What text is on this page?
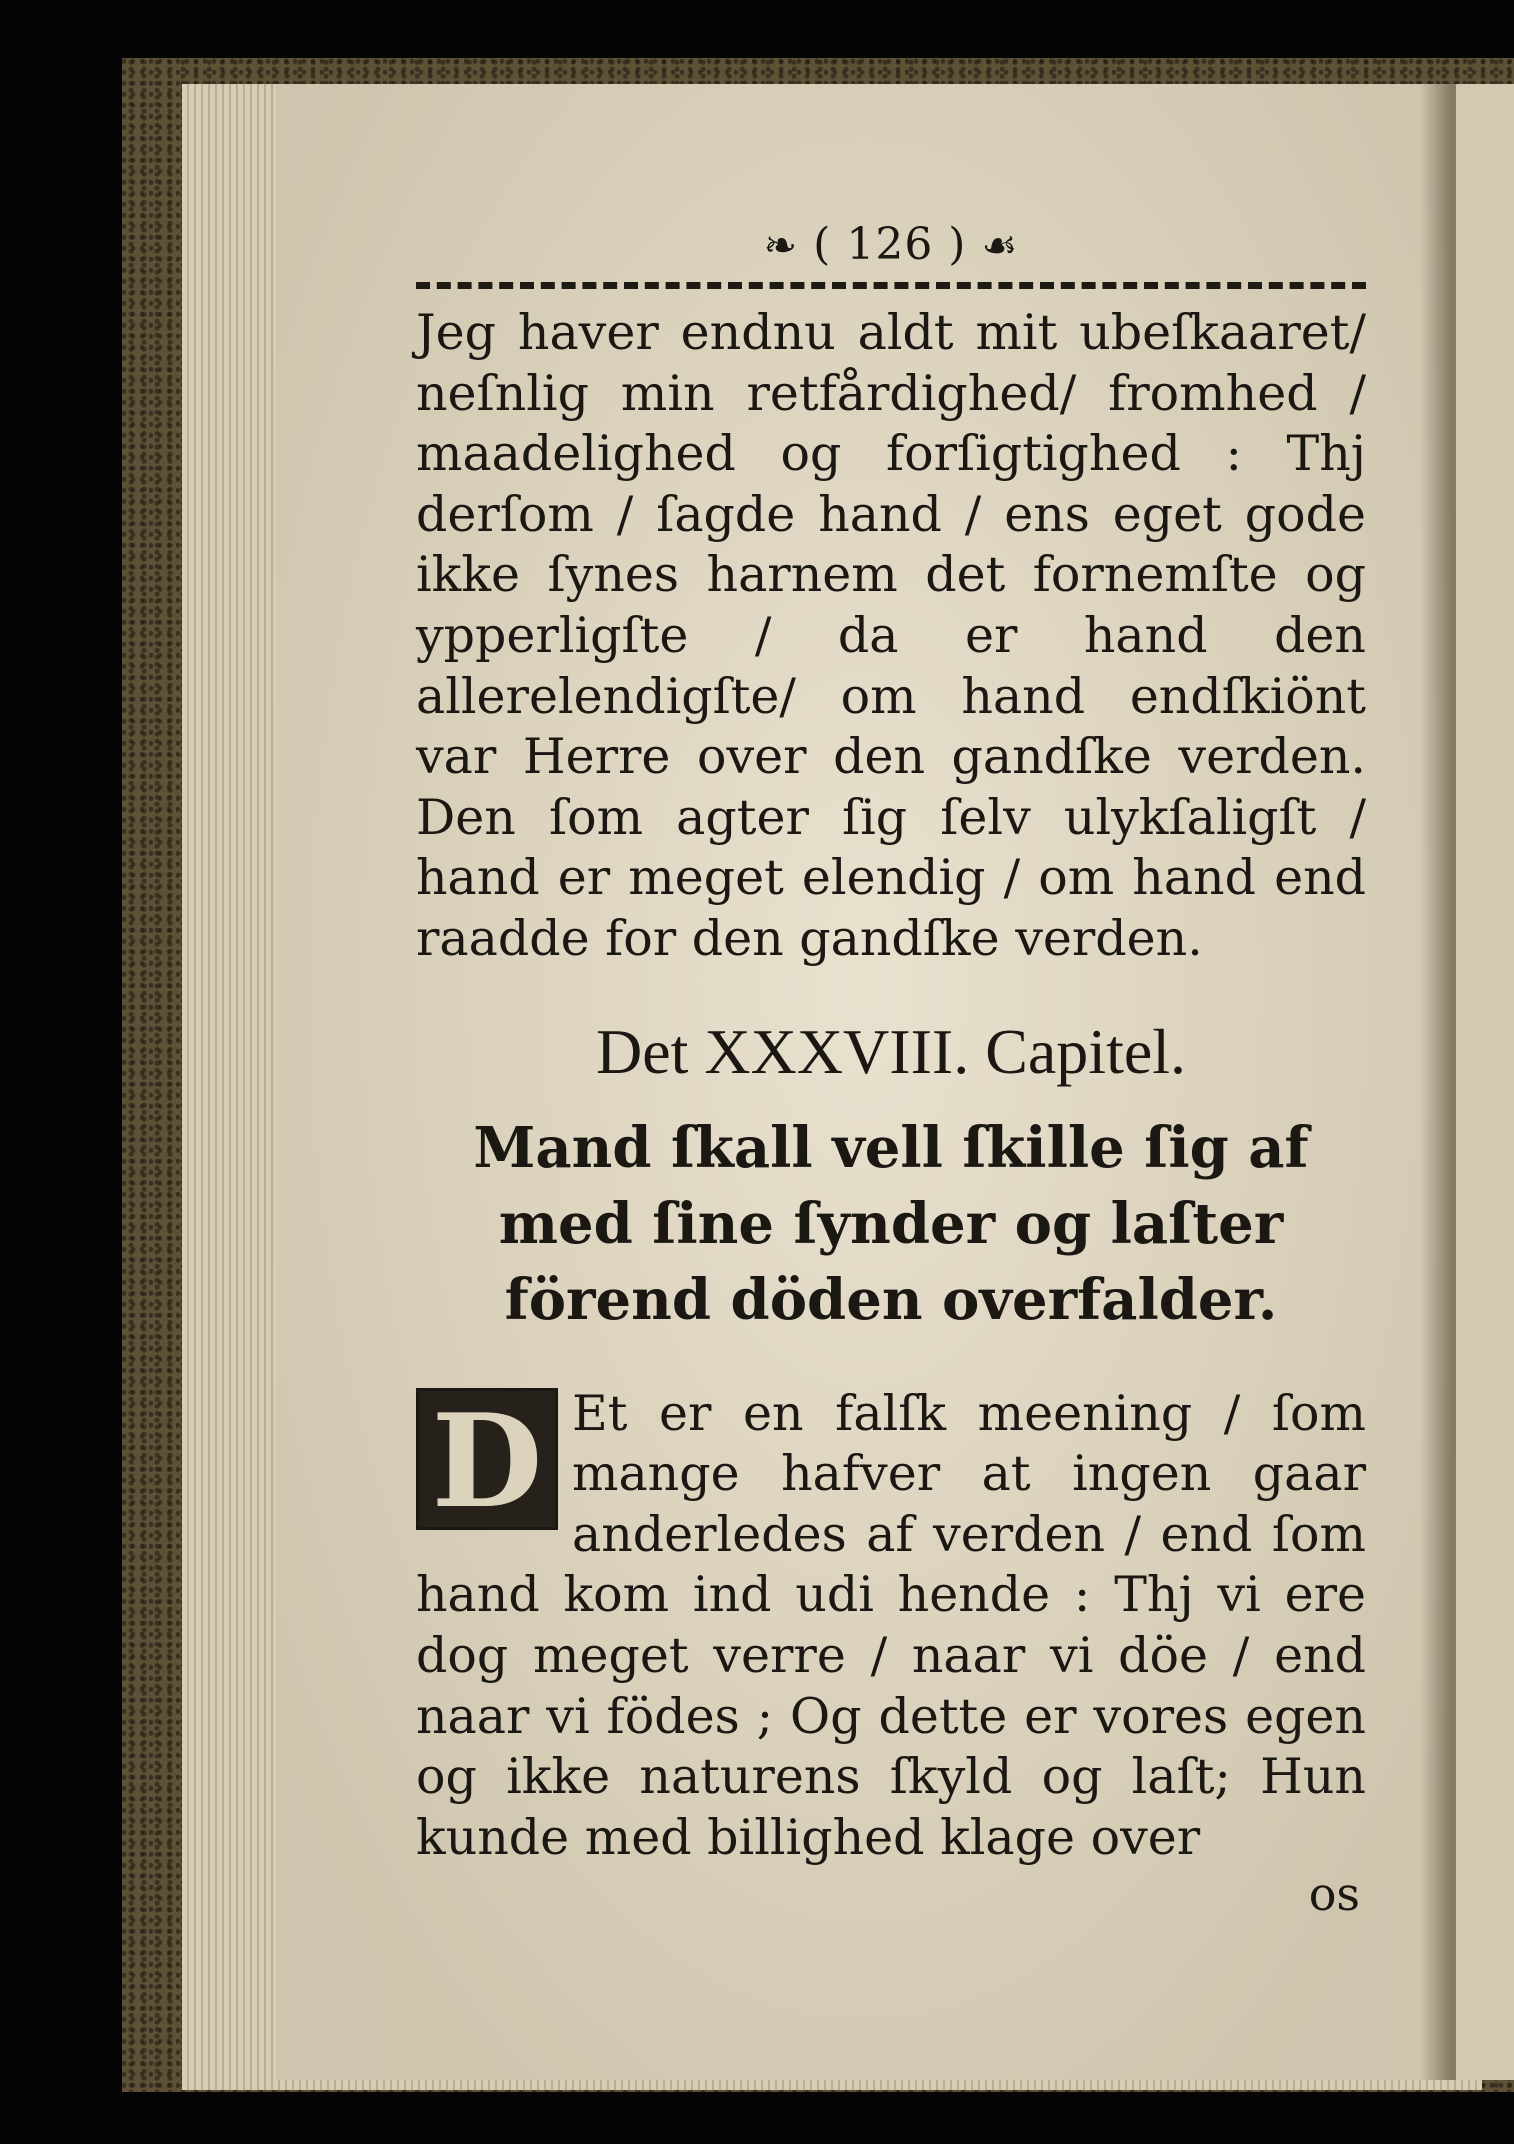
❧ ( 126 ) ☙

Jeg haver endnu aldt mit ubeſkaaret/ neſnlig min retfårdighed/ fromhed / maadelighed og forſigtighed : Thj derſom / ſagde hand / ens eget gode ikke ſynes harnem det fornemſte og ypperligſte / da er hand den allerelendigſte/ om hand endſkiönt var Herre over den gandſke verden. Den ſom agter ſig ſelv ulykſaligſt / hand er meget elendig / om hand end raadde for den gandſke verden.

Det XXXVIII. Capitel.
Mand ſkall vell ſkille ſig af med ſine ſynder og laſter förend döden overfalder.

D Et er en falſk meening / ſom mange hafver at ingen gaar anderledes af verden / end ſom hand kom ind udi hende : Thj vi ere dog meget verre / naar vi döe / end naar vi födes ; Og dette er vores egen og ikke naturens ſkyld og laſt; Hun kunde med billighed klage over

os
